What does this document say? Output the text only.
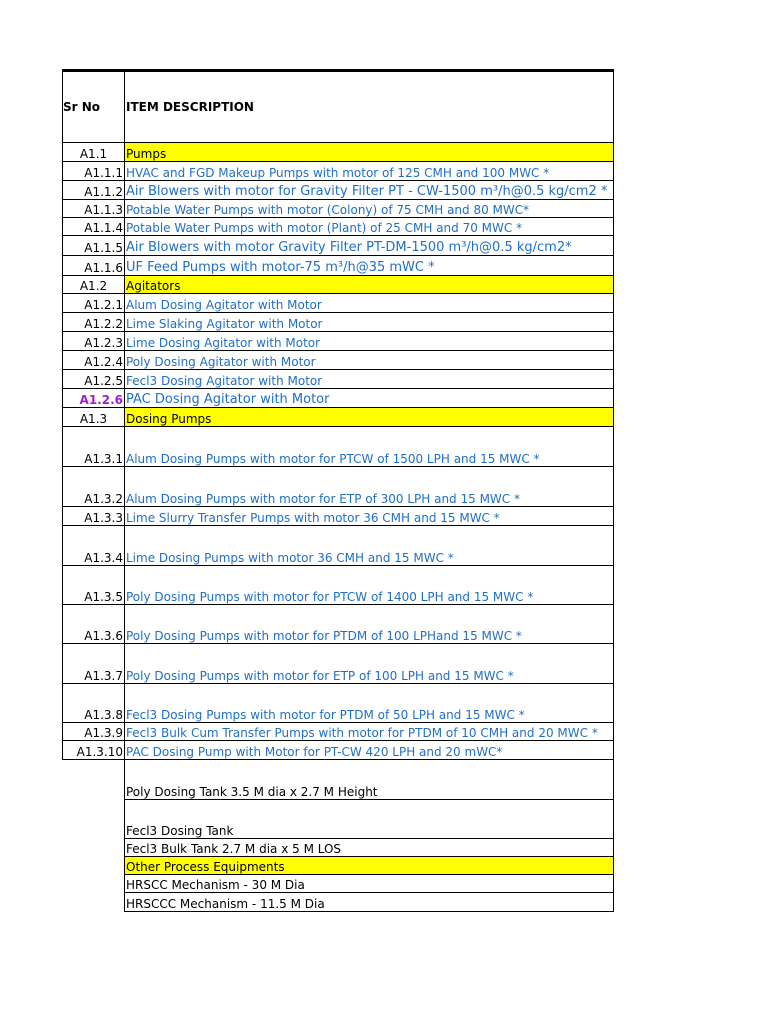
Sr No	ITEM DESCRIPTION
A1.1	Pumps
A1.1.1	HVAC and FGD Makeup Pumps with motor of 125 CMH and 100 MWC *
A1.1.2	Air Blowers with motor for Gravity Filter PT - CW-1500 m³/h@0.5 kg/cm2 *
A1.1.3	Potable Water Pumps with motor (Colony) of 75 CMH and 80 MWC*
A1.1.4	Potable Water Pumps with motor (Plant) of 25 CMH and 70 MWC *
A1.1.5	Air Blowers with motor Gravity Filter PT-DM-1500 m³/h@0.5 kg/cm2*
A1.1.6	UF Feed Pumps with motor-75 m³/h@35 mWC *
A1.2	Agitators
A1.2.1	Alum Dosing Agitator with Motor
A1.2.2	Lime Slaking Agitator with Motor
A1.2.3	Lime Dosing Agitator with Motor
A1.2.4	Poly Dosing Agitator with Motor
A1.2.5	Fecl3 Dosing Agitator with Motor
A1.2.6	PAC Dosing Agitator with Motor
A1.3	Dosing Pumps
A1.3.1	Alum Dosing Pumps with motor for PTCW of 1500 LPH and 15 MWC *
A1.3.2	Alum Dosing Pumps with motor for ETP of 300 LPH and 15 MWC *
A1.3.3	Lime Slurry Transfer Pumps with motor 36 CMH and 15 MWC *
A1.3.4	Lime Dosing Pumps with motor 36 CMH and 15 MWC *
A1.3.5	Poly Dosing Pumps with motor for PTCW of 1400 LPH and 15 MWC *
A1.3.6	Poly Dosing Pumps with motor for PTDM of 100 LPHand 15 MWC *
A1.3.7	Poly Dosing Pumps with motor for ETP of 100 LPH and 15 MWC *
A1.3.8	Fecl3 Dosing Pumps with motor for PTDM of 50 LPH and 15 MWC *
A1.3.9	Fecl3 Bulk Cum Transfer Pumps with motor for PTDM of 10 CMH and 20 MWC *
A1.3.10	PAC Dosing Pump with Motor for PT-CW 420 LPH and 20 mWC*
	Poly Dosing Tank 3.5 M dia x 2.7 M Height
	Fecl3 Dosing Tank
	Fecl3 Bulk Tank 2.7 M dia x 5 M LOS
	Other Process Equipments
	HRSCC Mechanism - 30 M Dia
	HRSCCC Mechanism - 11.5 M Dia
